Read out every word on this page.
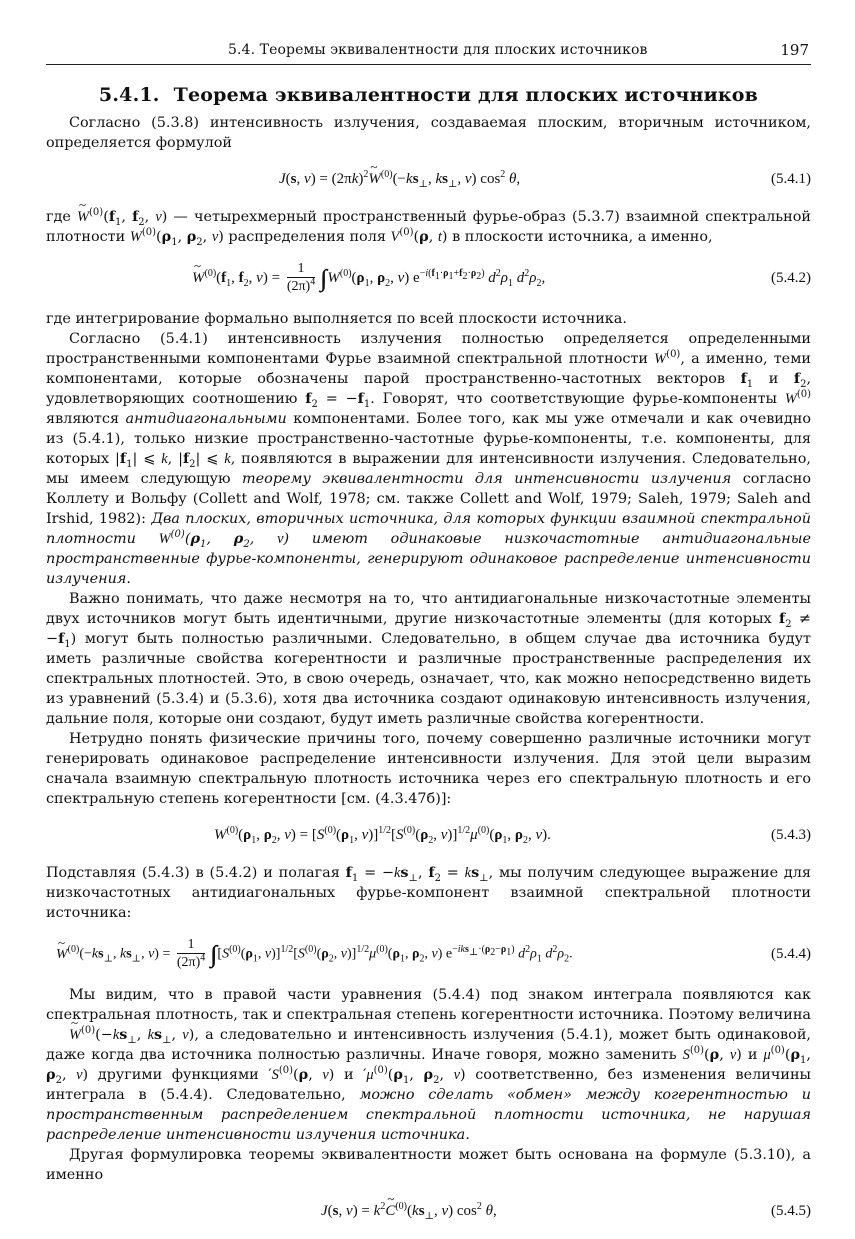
5.4. Теоремы эквивалентности для плоских источников	197
5.4.1. Теорема эквивалентности для плоских источников

Согласно (5.3.8) интенсивность излучения, создаваемая плоским, вторичным источником, определяется формулой

J(s, $\nu) = (2\pi k)^2\sim$ $W^{(0)}(-ks_\perp$, $ks_\perp$, ν) $\cos^2 \theta$,	(5.4.1)

где ~ $W^{(0)}(f_1$, $f_2$, ν) — четырехмерный пространственный фурье-образ (5.3.7) взаимной спектральной плотности $W^{(0)}(\rho_1$, $\rho_2$, ν) распределения поля $V^{(0)}(\rho$, t) в плоскости источника, а именно,

~ $W^{(0)}(f_1$, $f_2$, $\nu) = \frac{1}{(2\pi)^4}$ ∫∫ $W^{(0)}(\rho_1$, $\rho_2$, ν) $e^{-i(f_1\cdot\rho_1+f_2\cdot\rho_2)}$ $d^2\rho_1$ $d^2\rho_2$,	(5.4.2)

где интегрирование формально выполняется по всей плоскости источника.

Согласно (5.4.1) интенсивность излучения полностью определяется определенными пространственными компонентами Фурье взаимной спектральной плотности $W^{(0)}$, а именно, теми компонентами, которые обозначены парой пространственно-частотных векторов $f_1$ и $f_2$, удовлетворяющих соотношению $f_2 = -f_1$. Говорят, что соответствующие фурье-компоненты $W^{(0)}$ являются антидиагональными компонентами. Более того, как мы уже отмечали и как очевидно из (5.4.1), только низкие пространственно-частотные фурье-компоненты, т.е. компоненты, для которых $|f_1|$ ⩽ k, $|f_2|$ ⩽ k, появляются в выражении для интенсивности излучения. Следовательно, мы имеем следующую теорему эквивалентности для интенсивности излучения согласно Коллету и Вольфу (Collett and Wolf, 1978; см. также Collett and Wolf, 1979; Saleh, 1979; Saleh and Irshid, 1982): Два плоских, вторичных источника, для которых функции взаимной спектральной плотности $W^{(0)}(\rho_1$, $\rho_2$, ν) имеют одинаковые низкочастотные антидиагональные пространственные фурье-компоненты, генерируют одинаковое распределение интенсивности излучения.

Важно понимать, что даже несмотря на то, что антидиагональные низкочастотные элементы двух источников могут быть идентичными, другие низкочастотные элементы (для которых $f_2 \ne -f_1$) могут быть полностью различными. Следовательно, в общем случае два источника будут иметь различные свойства когерентности и различные пространственные распределения их спектральных плотностей. Это, в свою очередь, означает, что, как можно непосредственно видеть из уравнений (5.3.4) и (5.3.6), хотя два источника создают одинаковую интенсивность излучения, дальние поля, которые они создают, будут иметь различные свойства когерентности.

Нетрудно понять физические причины того, почему совершенно различные источники могут генерировать одинаковое распределение интенсивности излучения. Для этой цели выразим сначала взаимную спектральную плотность источника через его спектральную плотность и его спектральную степень когерентности [см. (4.3.47б)]:

$W^{(0)}(\rho_1$, $\rho_2$, $\nu) = [S^{(0)}(\rho_1$, $\nu)]^{1/2}[S^{(0)}(\rho_2$, $\nu)]^{1/2}\mu^{(0)}(\rho_1$, $\rho_2$, ν).	(5.4.3)

Подставляя (5.4.3) в (5.4.2) и полагая $f_1 = -ks_\perp$, $f_2 = ks_\perp$, мы получим следующее выражение для низкочастотных антидиагональных фурье-компонент взаимной спектральной плотности источника:

~ $W^{(0)}(-ks_\perp$, $ks_\perp$, $\nu) = \frac{1}{(2\pi)^4}$ ∫∫ [$S^{(0)}(\rho_1$, $\nu)]^{1/2}[S^{(0)}(\rho_2$, $\nu)]^{1/2}\mu^{(0)}(\rho_1$, $\rho_2$, ν) $e^{-iks_\perp\cdot(\rho_2-\rho_1)}$ $d^2\rho_1$ $d^2\rho_2$.	(5.4.4)

Мы видим, что в правой части уравнения (5.4.4) под знаком интеграла появляются как спектральная плотность, так и спектральная степень когерентности источника. Поэтому величина ~ $W^{(0)}(-ks_\perp$, $ks_\perp$, ν), а следовательно и интенсивность излучения (5.4.1), может быть одинаковой, даже когда два источника полностью различны. Иначе говоря, можно заменить $S^{(0)}(\rho$, ν) и $\mu^{(0)}(\rho_1$, $\rho_2$, ν) другими функциями $'S^{(0)}(\rho$, ν) и $'\mu^{(0)}(\rho_1$, $\rho_2$, ν) соответственно, без изменения величины интеграла в (5.4.4). Следовательно, можно сделать «обмен» между когерентностью и пространственным распределением спектральной плотности источника, не нарушая распределение интенсивности излучения источника.

Другая формулировка теоремы эквивалентности может быть основана на формуле (5.3.10), а именно

J(s, $\nu) = k^2\sim$ $C^{(0)}(ks_\perp$, ν) $\cos^2 \theta$,	(5.4.5)
